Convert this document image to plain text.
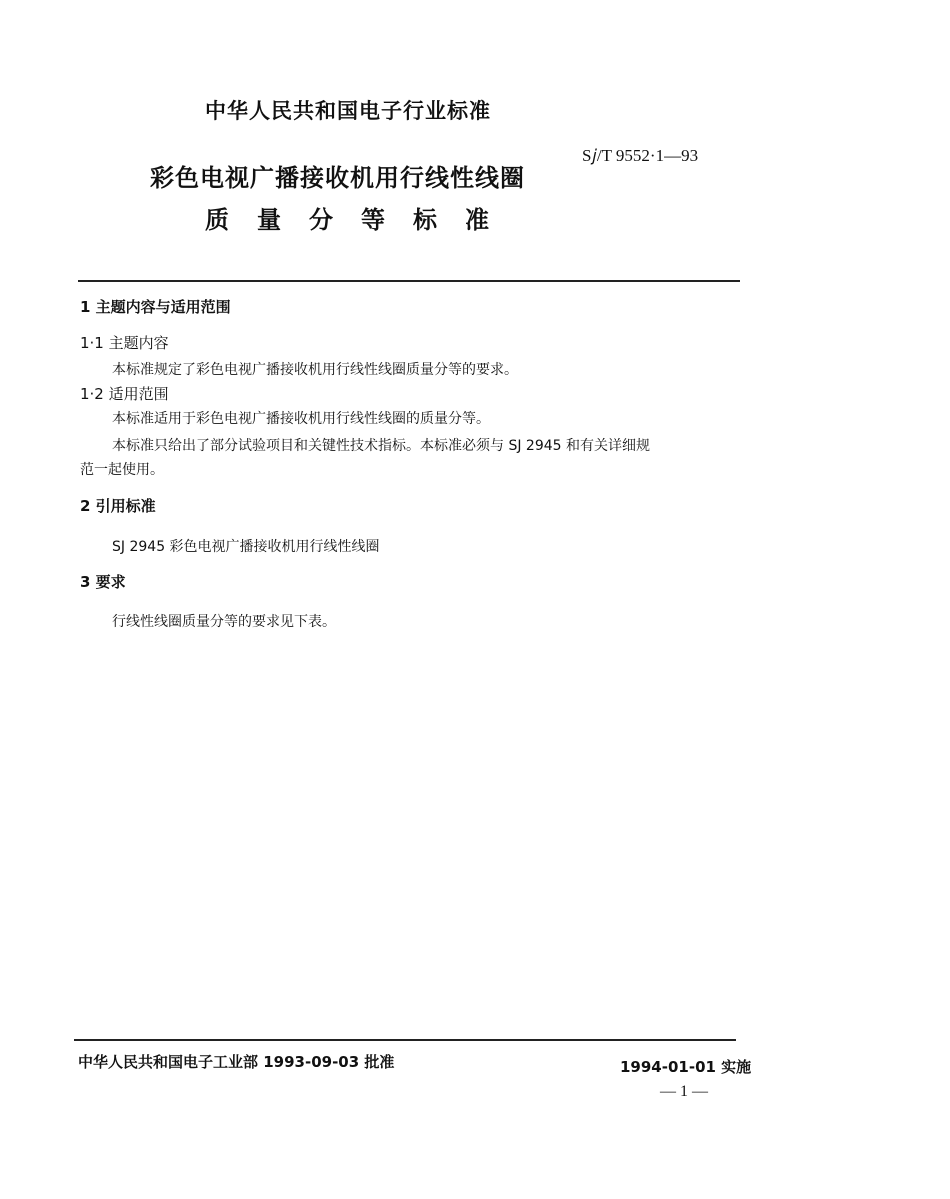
中华人民共和国电子行业标准
S𝑗/T 9552·1—93
彩色电视广播接收机用行线性线圈
质量分等标准
1 主题内容与适用范围
1·1 主题内容
本标准规定了彩色电视广播接收机用行线性线圈质量分等的要求。
1·2 适用范围
本标准适用于彩色电视广播接收机用行线性线圈的质量分等。
本标准只给出了部分试验项目和关键性技术指标。本标准必须与 SJ 2945 和有关详细规
范一起使用。
2 引用标准
SJ 2945 彩色电视广播接收机用行线性线圈
3 要求
行线性线圈质量分等的要求见下表。
中华人民共和国电子工业部 1993-09-03 批准	1994-01-01 实施
— 1 —
